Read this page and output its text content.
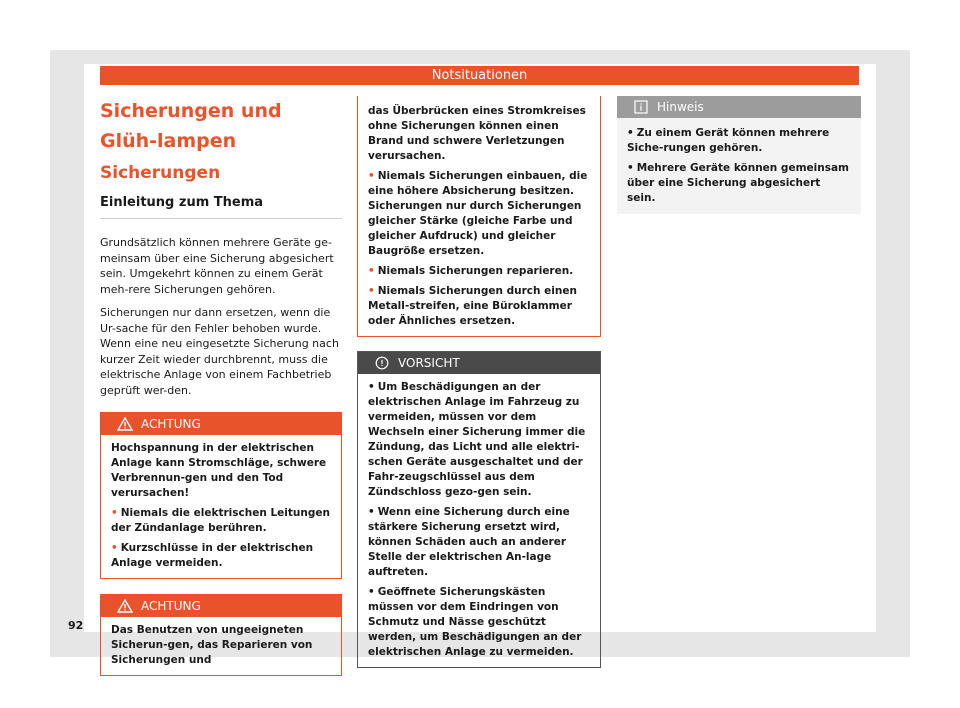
Notsituationen
Sicherungen und Glüh-lampen
Sicherungen
Einleitung zum Thema
Grundsätzlich können mehrere Geräte ge-meinsam über eine Sicherung abgesichert sein. Umgekehrt können zu einem Gerät meh-rere Sicherungen gehören.
Sicherungen nur dann ersetzen, wenn die Ur-sache für den Fehler behoben wurde. Wenn eine neu eingesetzte Sicherung nach kurzer Zeit wieder durchbrennt, muss die elektrische Anlage von einem Fachbetrieb geprüft wer-den.
ACHTUNG
Hochspannung in der elektrischen Anlage kann Stromschläge, schwere Verbrennun-gen und den Tod verursachen!
• Niemals die elektrischen Leitungen der Zündanlage berühren.
• Kurzschlüsse in der elektrischen Anlage vermeiden.
ACHTUNG
Das Benutzen von ungeeigneten Sicherun-gen, das Reparieren von Sicherungen und
das Überbrücken eines Stromkreises ohne Sicherungen können einen Brand und schwere Verletzungen verursachen.
• Niemals Sicherungen einbauen, die eine höhere Absicherung besitzen. Sicherungen nur durch Sicherungen gleicher Stärke (gleiche Farbe und gleicher Aufdruck) und gleicher Baugröße ersetzen.
• Niemals Sicherungen reparieren.
• Niemals Sicherungen durch einen Metall-streifen, eine Büroklammer oder Ähnliches ersetzen.
VORSICHT
• Um Beschädigungen an der elektrischen Anlage im Fahrzeug zu vermeiden, müssen vor dem Wechseln einer Sicherung immer die Zündung, das Licht und alle elektri-schen Geräte ausgeschaltet und der Fahr-zeugschlüssel aus dem Zündschloss gezo-gen sein.
• Wenn eine Sicherung durch eine stärkere Sicherung ersetzt wird, können Schäden auch an anderer Stelle der elektrischen An-lage auftreten.
• Geöffnete Sicherungskästen müssen vor dem Eindringen von Schmutz und Nässe geschützt werden, um Beschädigungen an der elektrischen Anlage zu vermeiden.
Hinweis
• Zu einem Gerät können mehrere Siche-rungen gehören.
• Mehrere Geräte können gemeinsam über eine Sicherung abgesichert sein.
92
